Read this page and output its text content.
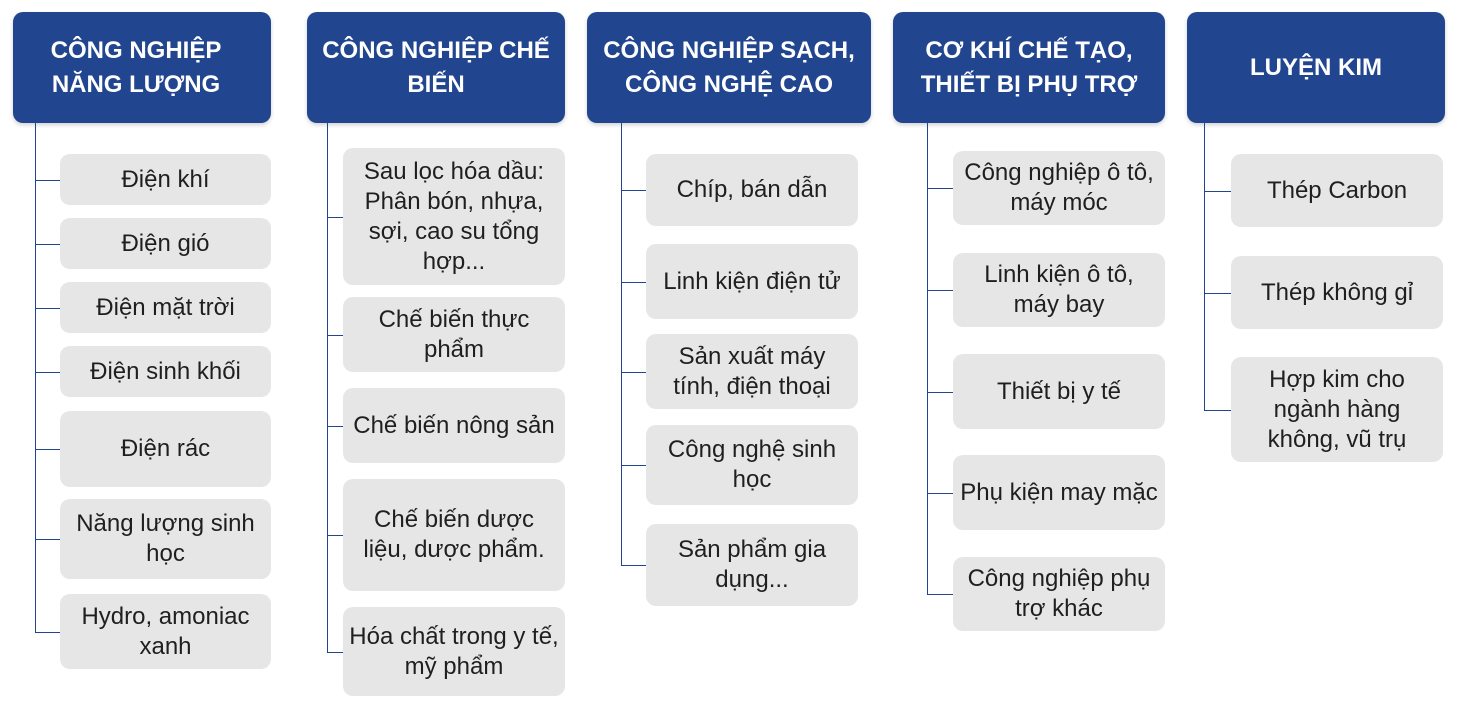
CÔNG NGHIỆP NĂNG LƯỢNG
Điện khí
Điện gió
Điện mặt trời
Điện sinh khối
Điện rác
Năng lượng sinh học
Hydro, amoniac xanh
CÔNG NGHIỆP CHẾ BIẾN
Sau lọc hóa dầu: Phân bón, nhựa, sợi, cao su tổng hợp...
Chế biến thực phẩm
Chế biến nông sản
Chế biến dược liệu, dược phẩm.
Hóa chất trong y tế, mỹ phẩm
CÔNG NGHIỆP SẠCH, CÔNG NGHỆ CAO
Chíp, bán dẫn
Linh kiện điện tử
Sản xuất máy tính, điện thoại
Công nghệ sinh học
Sản phẩm gia dụng...
CƠ KHÍ CHẾ TẠO, THIẾT BỊ PHỤ TRỢ
Công nghiệp ô tô, máy móc
Linh kiện ô tô, máy bay
Thiết bị y tế
Phụ kiện may mặc
Công nghiệp phụ trợ khác
LUYỆN KIM
Thép Carbon
Thép không gỉ
Hợp kim cho ngành hàng không, vũ trụ
